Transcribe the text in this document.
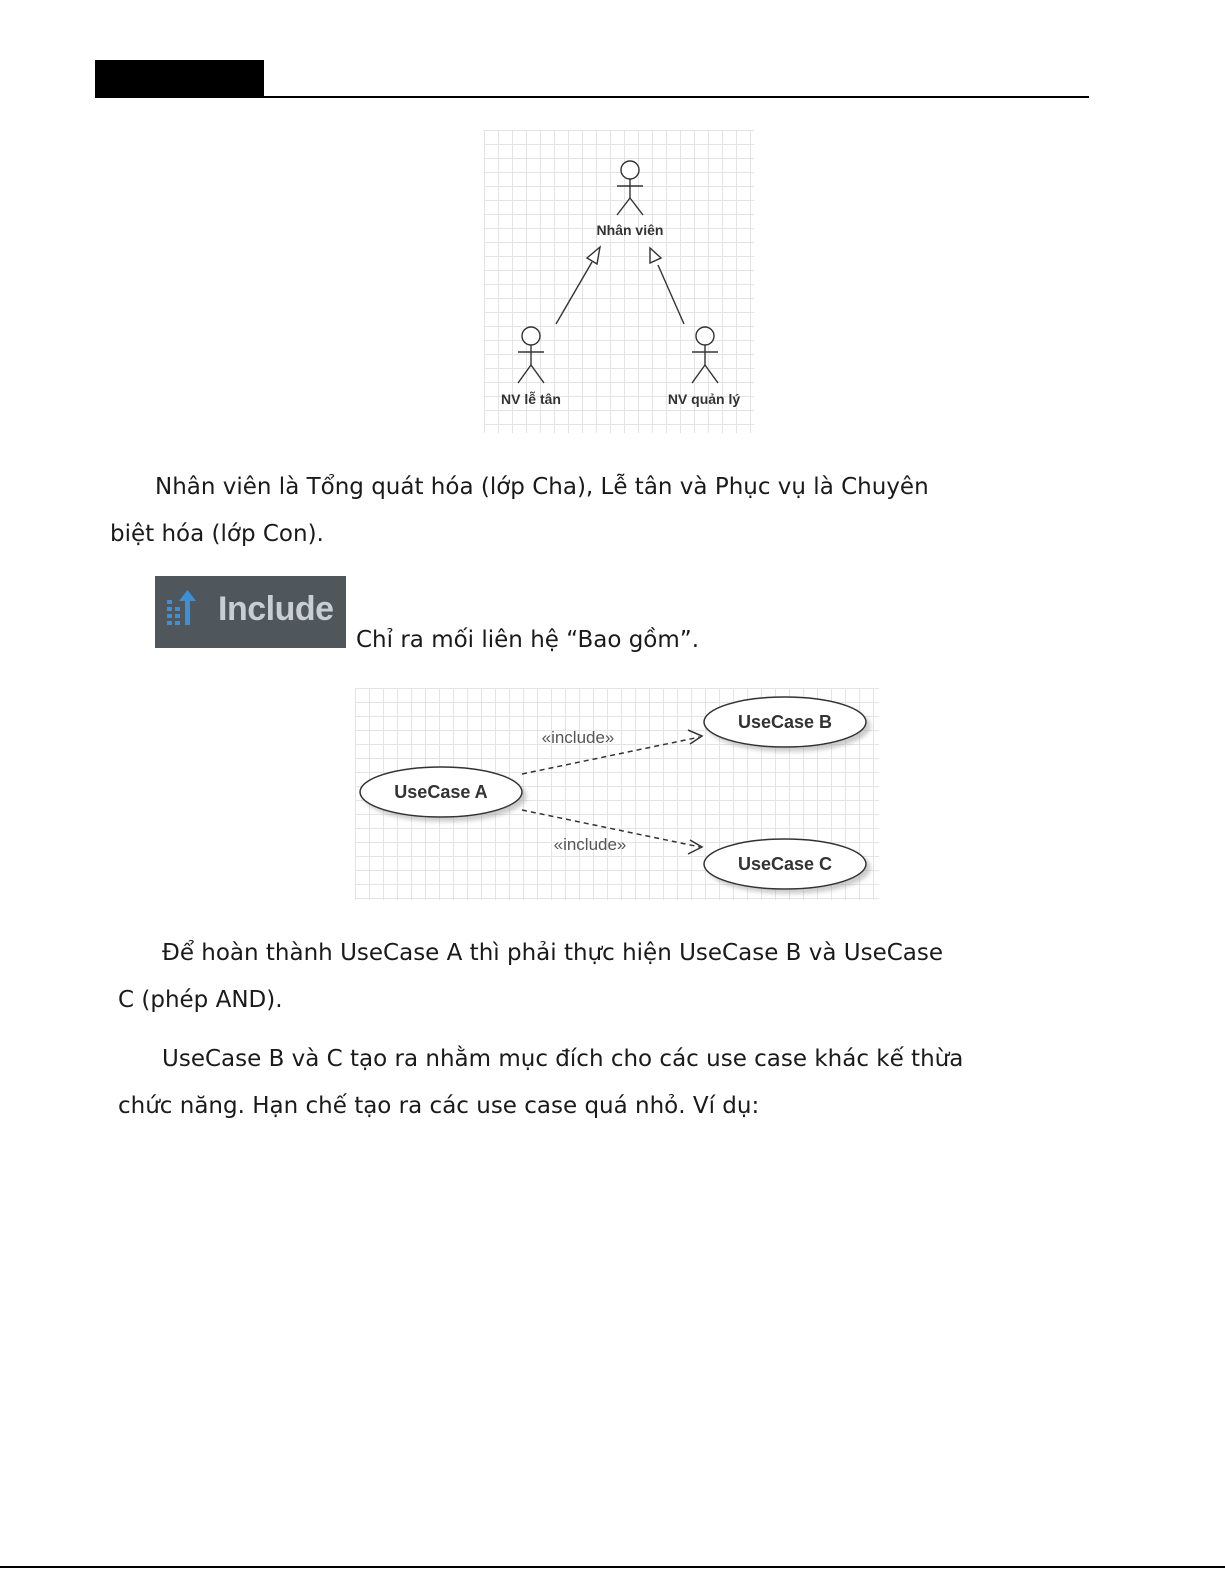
Nhân viên
NV lễ tân	NV quản lý

Nhân viên là Tổng quát hóa (lớp Cha), Lễ tân và Phục vụ là Chuyên
biệt hóa (lớp Con).

Include
Chỉ ra mối liên hệ “Bao gồm”.
UseCase A
UseCase B
UseCase C
«include»
«include»

Để hoàn thành UseCase A thì phải thực hiện UseCase B và UseCase
C (phép AND).

UseCase B và C tạo ra nhằm mục đích cho các use case khác kế thừa
chức năng. Hạn chế tạo ra các use case quá nhỏ. Ví dụ:
